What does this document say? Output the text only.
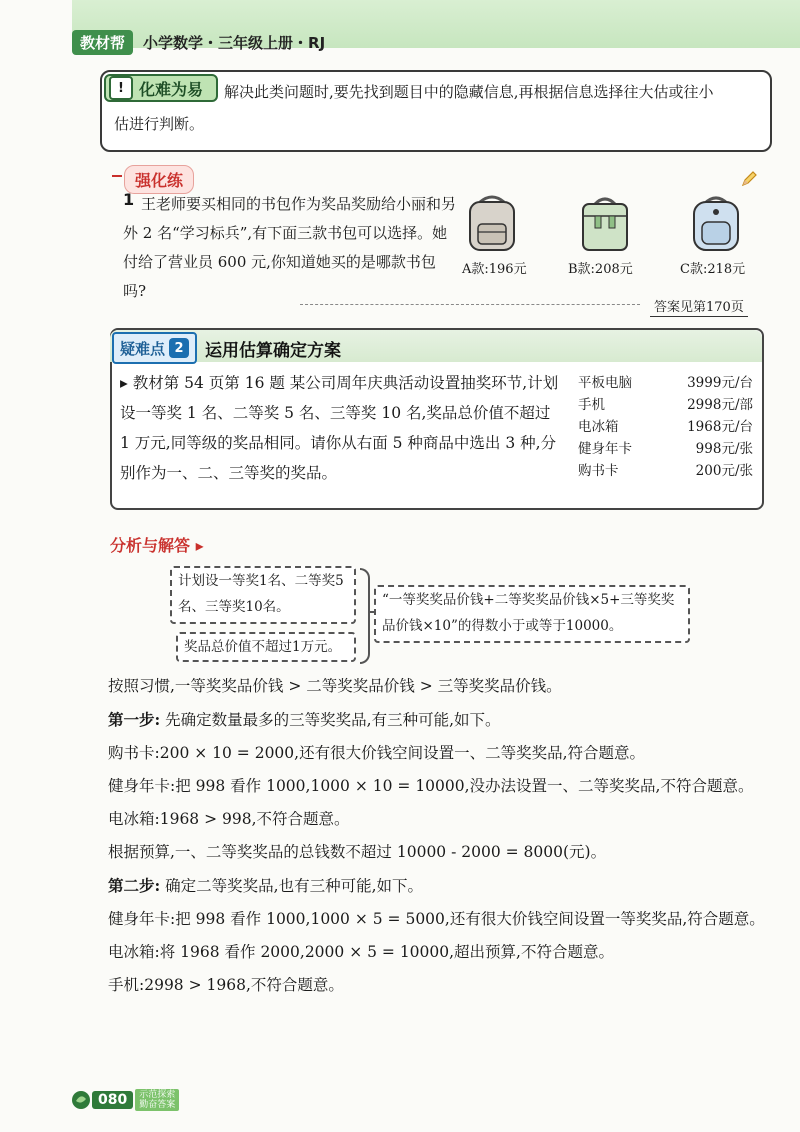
教材帮	小学数学・三年级上册・RJ
! 化难为易 解决此类问题时,要先找到题目中的隐藏信息,再根据信息选择往大估或往小
估进行判断。
强化练
1 王老师要买相同的书包作为奖品奖励给小丽和另外 2 名“学习标兵”,有下面三款书包可以选择。她付给了营业员 600 元,你知道她买的是哪款书包吗?
A款:196元	B款:208元	C款:218元
答案见第170页
疑难点 2	运用估算确定方案
▸ 教材第 54 页第 16 题 某公司周年庆典活动设置抽奖环节,计划设一等奖 1 名、二等奖 5 名、三等奖 10 名,奖品总价值不超过 1 万元,同等级的奖品相同。请你从右面 5 种商品中选出 3 种,分别作为一、二、三等奖的奖品。
平板电脑	3999元/台
手机	2998元/部
电冰箱	1968元/台
健身年卡	998元/张
购书卡	200元/张
分析与解答 ▸
计划设一等奖1名、二等奖5名、三等奖10名。
奖品总价值不超过1万元。
“一等奖奖品价钱+二等奖奖品价钱×5+三等奖奖品价钱×10”的得数小于或等于10000。

按照习惯,一等奖奖品价钱 > 二等奖奖品价钱 > 三等奖奖品价钱。

第一步: 先确定数量最多的三等奖奖品,有三种可能,如下。

购书卡:200 × 10 = 2000,还有很大价钱空间设置一、二等奖奖品,符合题意。

健身年卡:把 998 看作 1000,1000 × 10 = 10000,没办法设置一、二等奖奖品,不符合题意。

电冰箱:1968 > 998,不符合题意。

根据预算,一、二等奖奖品的总钱数不超过 10000 - 2000 = 8000(元)。

第二步: 确定二等奖奖品,也有三种可能,如下。

健身年卡:把 998 看作 1000,1000 × 5 = 5000,还有很大价钱空间设置一等奖奖品,符合题意。

电冰箱:将 1968 看作 2000,2000 × 5 = 10000,超出预算,不符合题意。

手机:2998 > 1968,不符合题意。

080	示范探索
勤奋答案
